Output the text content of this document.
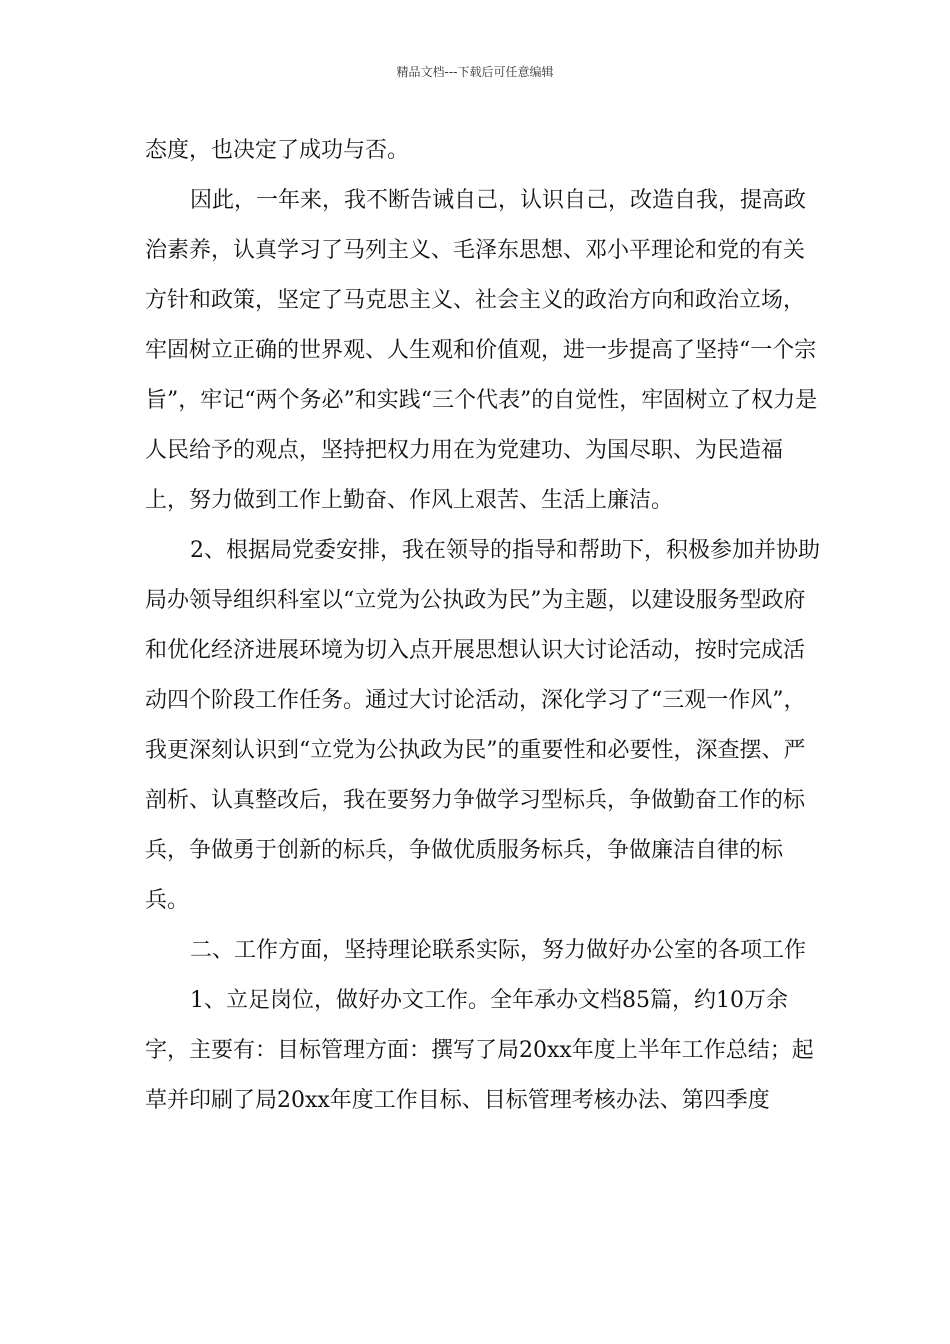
精品文档---下载后可任意编辑

态度，也决定了成功与否。

因此，一年来，我不断告诫自己，认识自己，改造自我，提高政治素养，认真学习了马列主义、毛泽东思想、邓小平理论和党的有关方针和政策，坚定了马克思主义、社会主义的政治方向和政治立场，牢固树立正确的世界观、人生观和价值观，进一步提高了坚持“一个宗旨”，牢记“两个务必”和实践“三个代表”的自觉性，牢固树立了权力是人民给予的观点，坚持把权力用在为党建功、为国尽职、为民造福上，努力做到工作上勤奋、作风上艰苦、生活上廉洁。

2、根据局党委安排，我在领导的指导和帮助下，积极参加并协助局办领导组织科室以“立党为公执政为民”为主题，以建设服务型政府和优化经济进展环境为切入点开展思想认识大讨论活动，按时完成活动四个阶段工作任务。通过大讨论活动，深化学习了“三观一作风”，我更深刻认识到“立党为公执政为民”的重要性和必要性，深查摆、严剖析、认真整改后，我在要努力争做学习型标兵，争做勤奋工作的标兵，争做勇于创新的标兵，争做优质服务标兵，争做廉洁自律的标兵。

二、工作方面，坚持理论联系实际，努力做好办公室的各项工作

1、立足岗位，做好办文工作。全年承办文档85篇，约10万余字，主要有：目标管理方面：撰写了局20xx年度上半年工作总结；起草并印刷了局20xx年度工作目标、目标管理考核办法、第四季度
